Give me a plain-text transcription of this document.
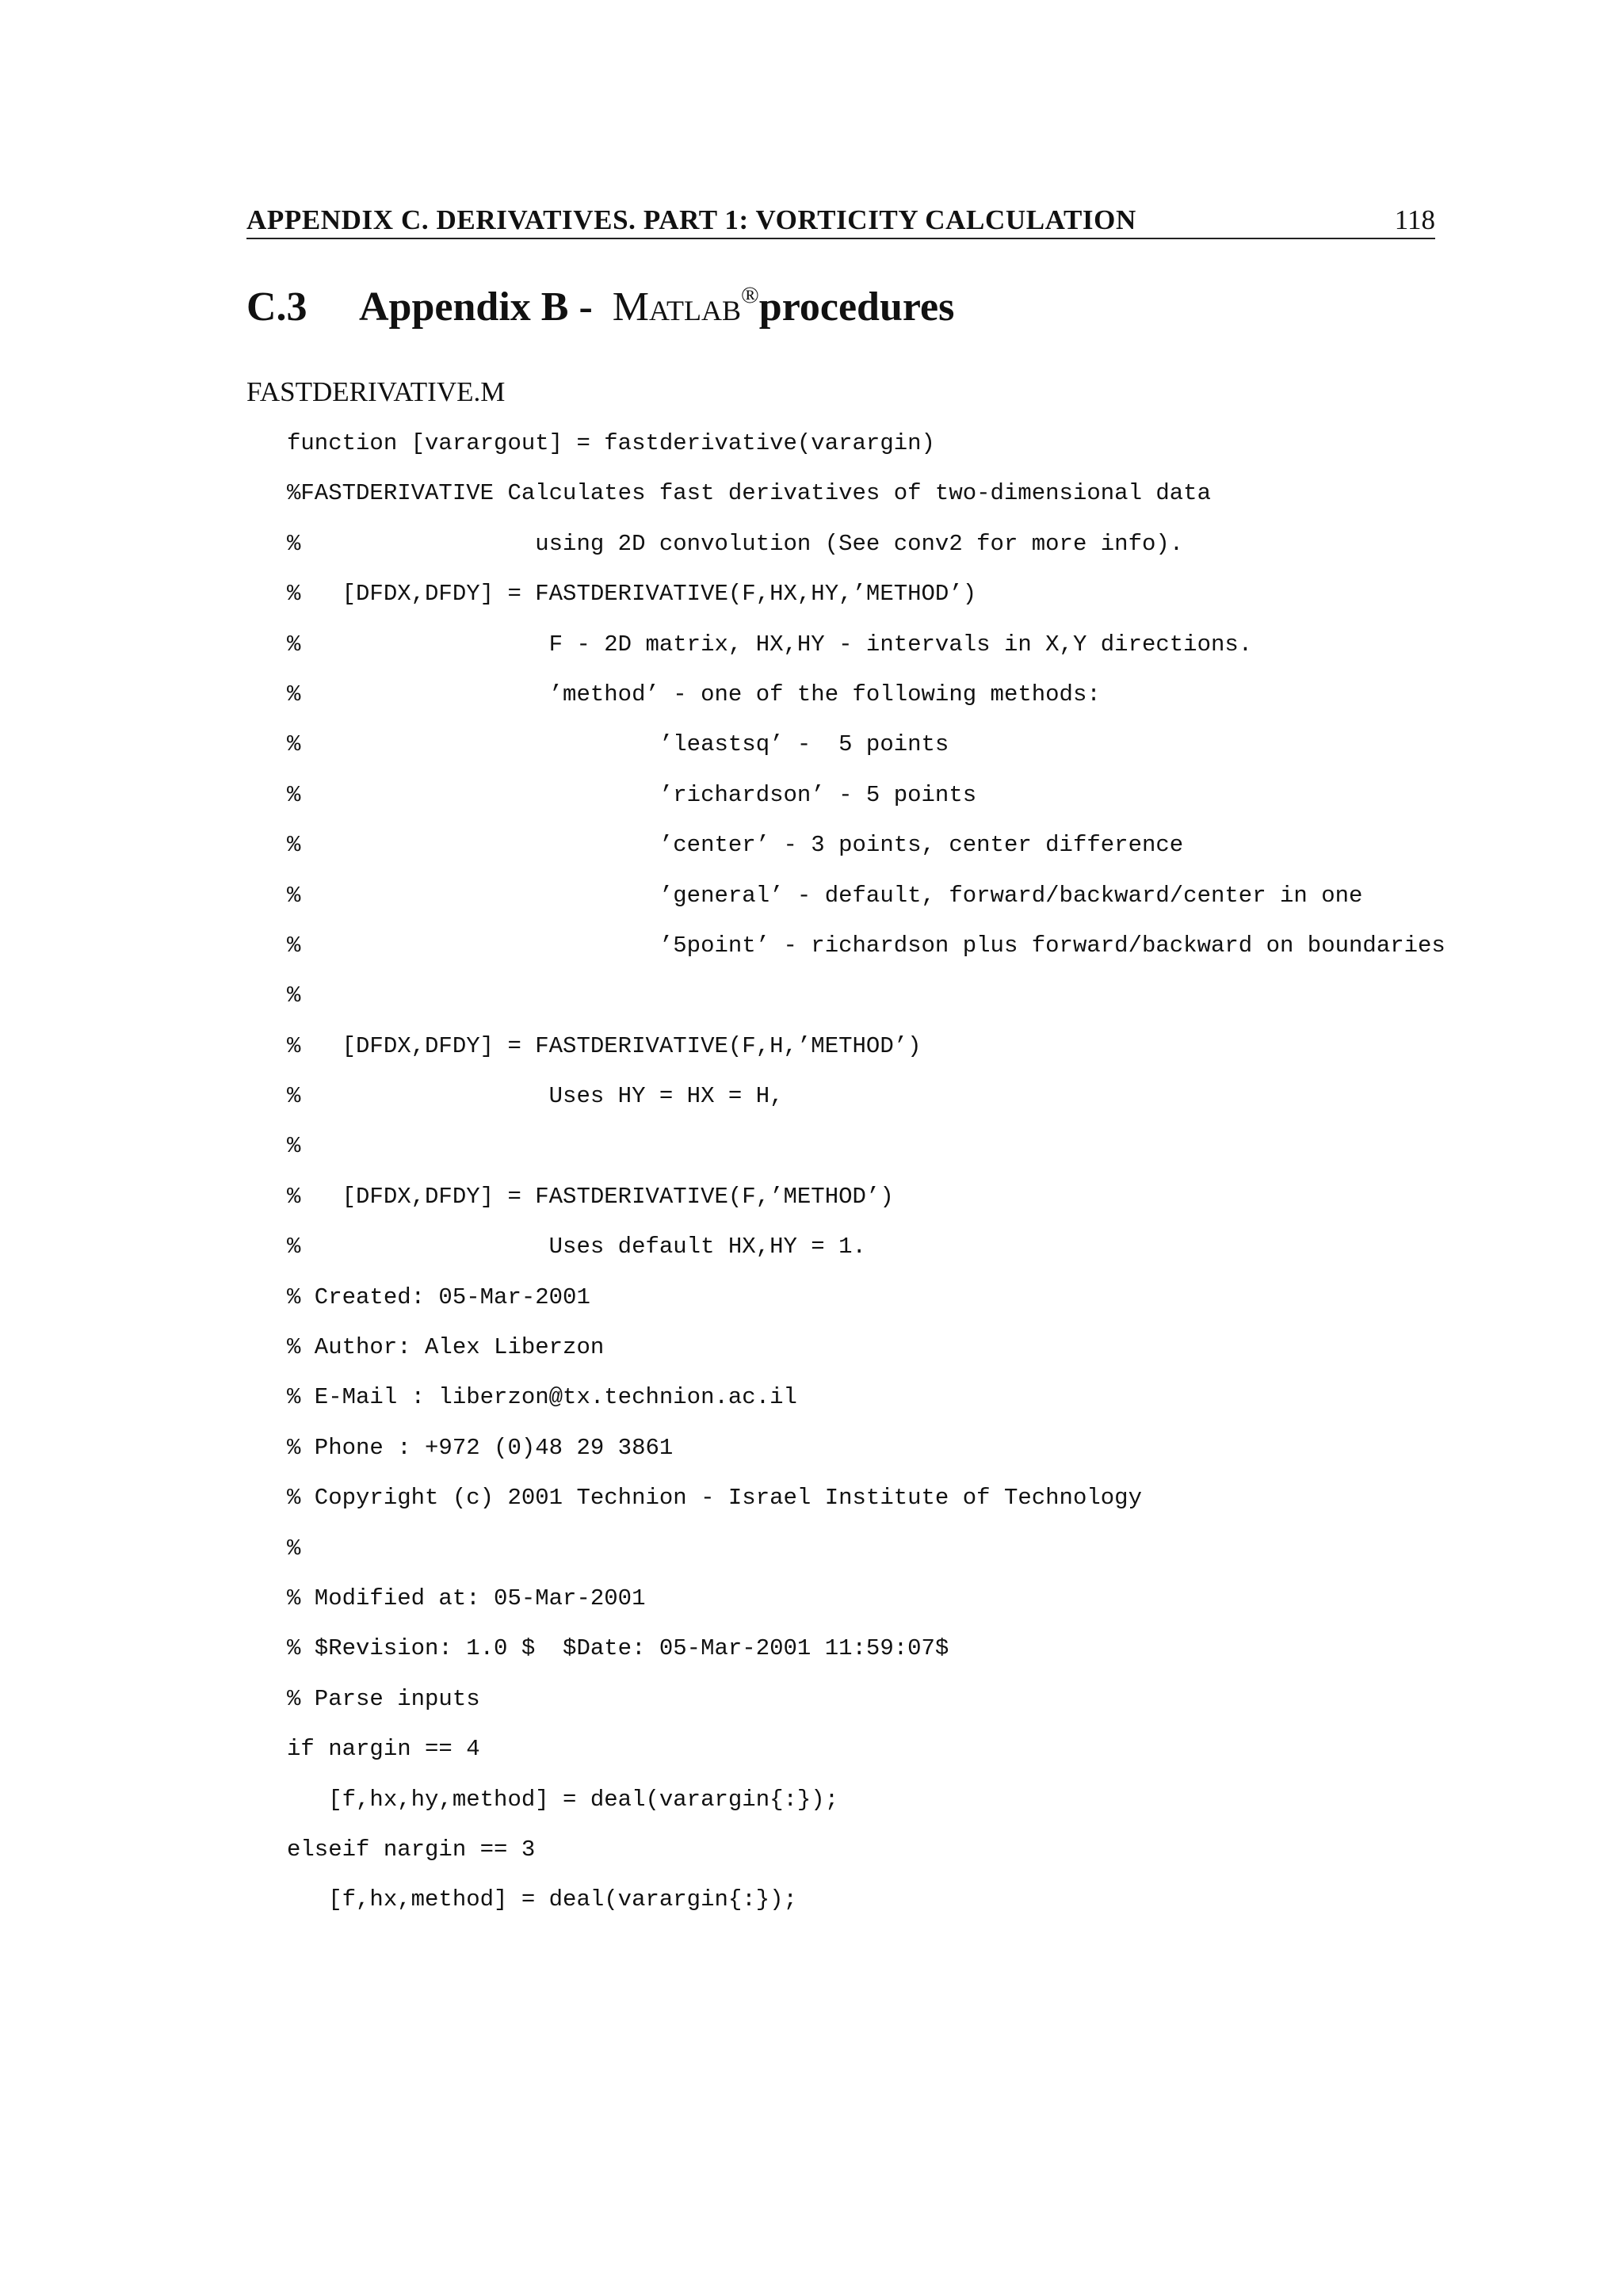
APPENDIX C. DERIVATIVES. PART 1: VORTICITY CALCULATION	118
C.3 Appendix B - Matlab®procedures
FASTDERIVATIVE.M
function [varargout] = fastderivative(varargin)
%FASTDERIVATIVE Calculates fast derivatives of two-dimensional data
%                 using 2D convolution (See conv2 for more info).
%   [DFDX,DFDY] = FASTDERIVATIVE(F,HX,HY,’METHOD’)
%                  F - 2D matrix, HX,HY - intervals in X,Y directions.
%                  ’method’ - one of the following methods:
%                          ’leastsq’ -  5 points
%                          ’richardson’ - 5 points
%                          ’center’ - 3 points, center difference
%                          ’general’ - default, forward/backward/center in one
%                          ’5point’ - richardson plus forward/backward on boundaries
%
%   [DFDX,DFDY] = FASTDERIVATIVE(F,H,’METHOD’)
%                  Uses HY = HX = H,
%
%   [DFDX,DFDY] = FASTDERIVATIVE(F,’METHOD’)
%                  Uses default HX,HY = 1.
% Created: 05-Mar-2001
% Author: Alex Liberzon
% E-Mail : liberzon@tx.technion.ac.il
% Phone : +972 (0)48 29 3861
% Copyright (c) 2001 Technion - Israel Institute of Technology
%
% Modified at: 05-Mar-2001
% $Revision: 1.0 $  $Date: 05-Mar-2001 11:59:07$
% Parse inputs
if nargin == 4
[f,hx,hy,method] = deal(varargin{:});
elseif nargin == 3
[f,hx,method] = deal(varargin{:});
